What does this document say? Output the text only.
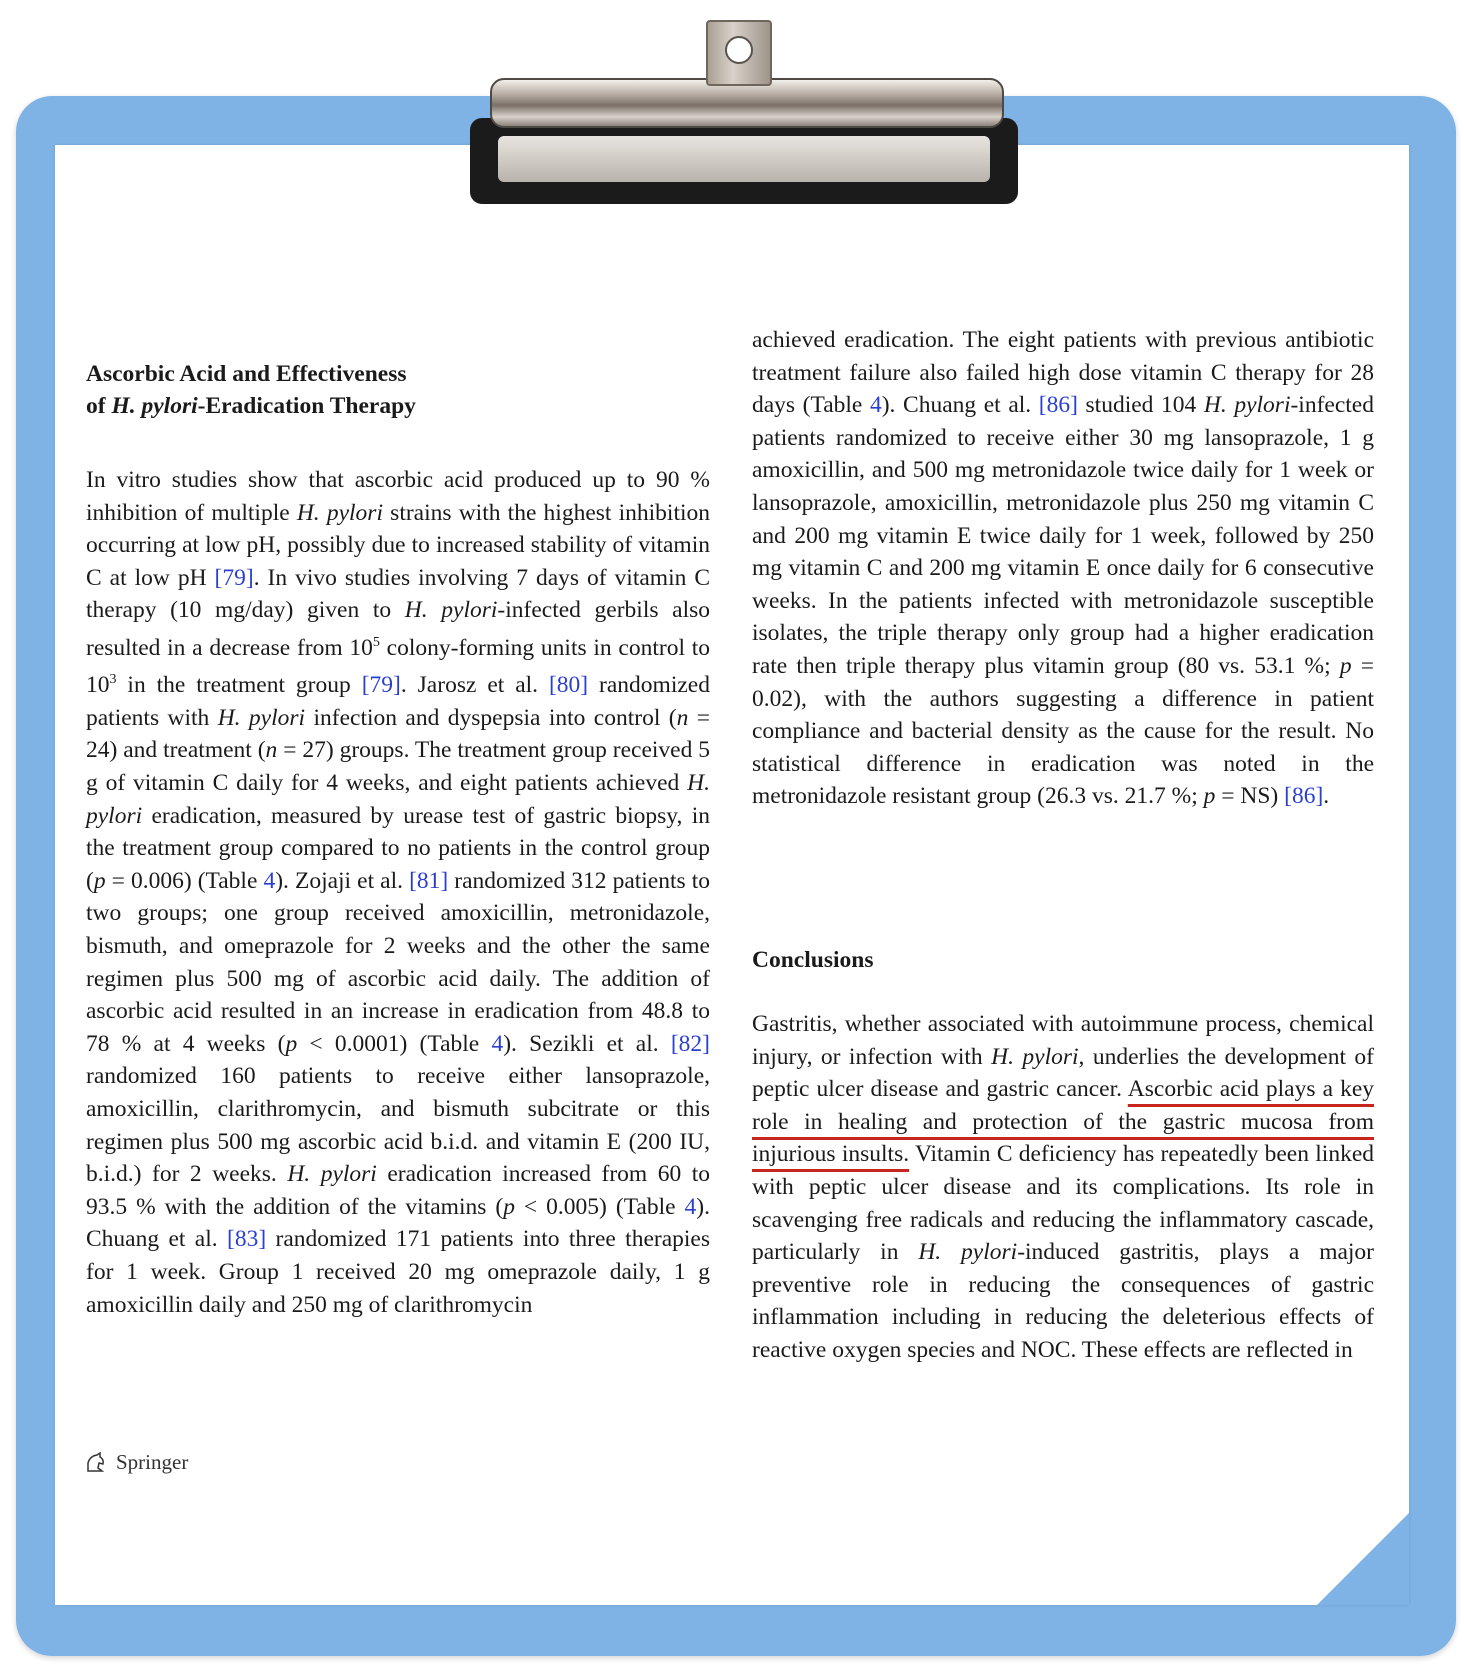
Ascorbic Acid and Effectiveness
of H. pylori-Eradication Therapy
In vitro studies show that ascorbic acid produced up to 90 % inhibition of multiple H. pylori strains with the highest inhibition occurring at low pH, possibly due to increased stability of vitamin C at low pH [79]. In vivo studies involving 7 days of vitamin C therapy (10 mg/day) given to H. pylori-infected gerbils also resulted in a decrease from $10^5$ colony-forming units in control to $10^3$ in the treatment group [79]. Jarosz et al. [80] randomized patients with H. pylori infection and dyspepsia into control (n = 24) and treatment (n = 27) groups. The treatment group received 5 g of vitamin C daily for 4 weeks, and eight patients achieved H. pylori eradication, measured by urease test of gastric biopsy, in the treatment group compared to no patients in the control group (p = 0.006) (Table 4). Zojaji et al. [81] randomized 312 patients to two groups; one group received amoxicillin, metronidazole, bismuth, and omeprazole for 2 weeks and the other the same regimen plus 500 mg of ascorbic acid daily. The addition of ascorbic acid resulted in an increase in eradication from 48.8 to 78 % at 4 weeks (p < 0.0001) (Table 4). Sezikli et al. [82] randomized 160 patients to receive either lansoprazole, amoxicillin, clarithromycin, and bismuth subcitrate or this regimen plus 500 mg ascorbic acid b.i.d. and vitamin E (200 IU, b.i.d.) for 2 weeks. H. pylori eradication increased from 60 to 93.5 % with the addition of the vitamins (p < 0.005) (Table 4). Chuang et al. [83] randomized 171 patients into three therapies for 1 week. Group 1 received 20 mg omeprazole daily, 1 g amoxicillin daily and 250 mg of clarithromycin
achieved eradication. The eight patients with previous antibiotic treatment failure also failed high dose vitamin C therapy for 28 days (Table 4). Chuang et al. [86] studied 104 H. pylori-infected patients randomized to receive either 30 mg lansoprazole, 1 g amoxicillin, and 500 mg metronidazole twice daily for 1 week or lansoprazole, amoxicillin, metronidazole plus 250 mg vitamin C and 200 mg vitamin E twice daily for 1 week, followed by 250 mg vitamin C and 200 mg vitamin E once daily for 6 consecutive weeks. In the patients infected with metronidazole susceptible isolates, the triple therapy only group had a higher eradication rate then triple therapy plus vitamin group (80 vs. 53.1 %; p = 0.02), with the authors suggesting a difference in patient compliance and bacterial density as the cause for the result. No statistical difference in eradication was noted in the metronidazole resistant group (26.3 vs. 21.7 %; p = NS) [86].
Conclusions
Gastritis, whether associated with autoimmune process, chemical injury, or infection with H. pylori, underlies the development of peptic ulcer disease and gastric cancer. Ascorbic acid plays a key role in healing and protection of the gastric mucosa from injurious insults. Vitamin C deficiency has repeatedly been linked with peptic ulcer disease and its complications. Its role in scavenging free radicals and reducing the inflammatory cascade, particularly in H. pylori-induced gastritis, plays a major preventive role in reducing the consequences of gastric inflammation including in reducing the deleterious effects of reactive oxygen species and NOC. These effects are reflected in
Springer
